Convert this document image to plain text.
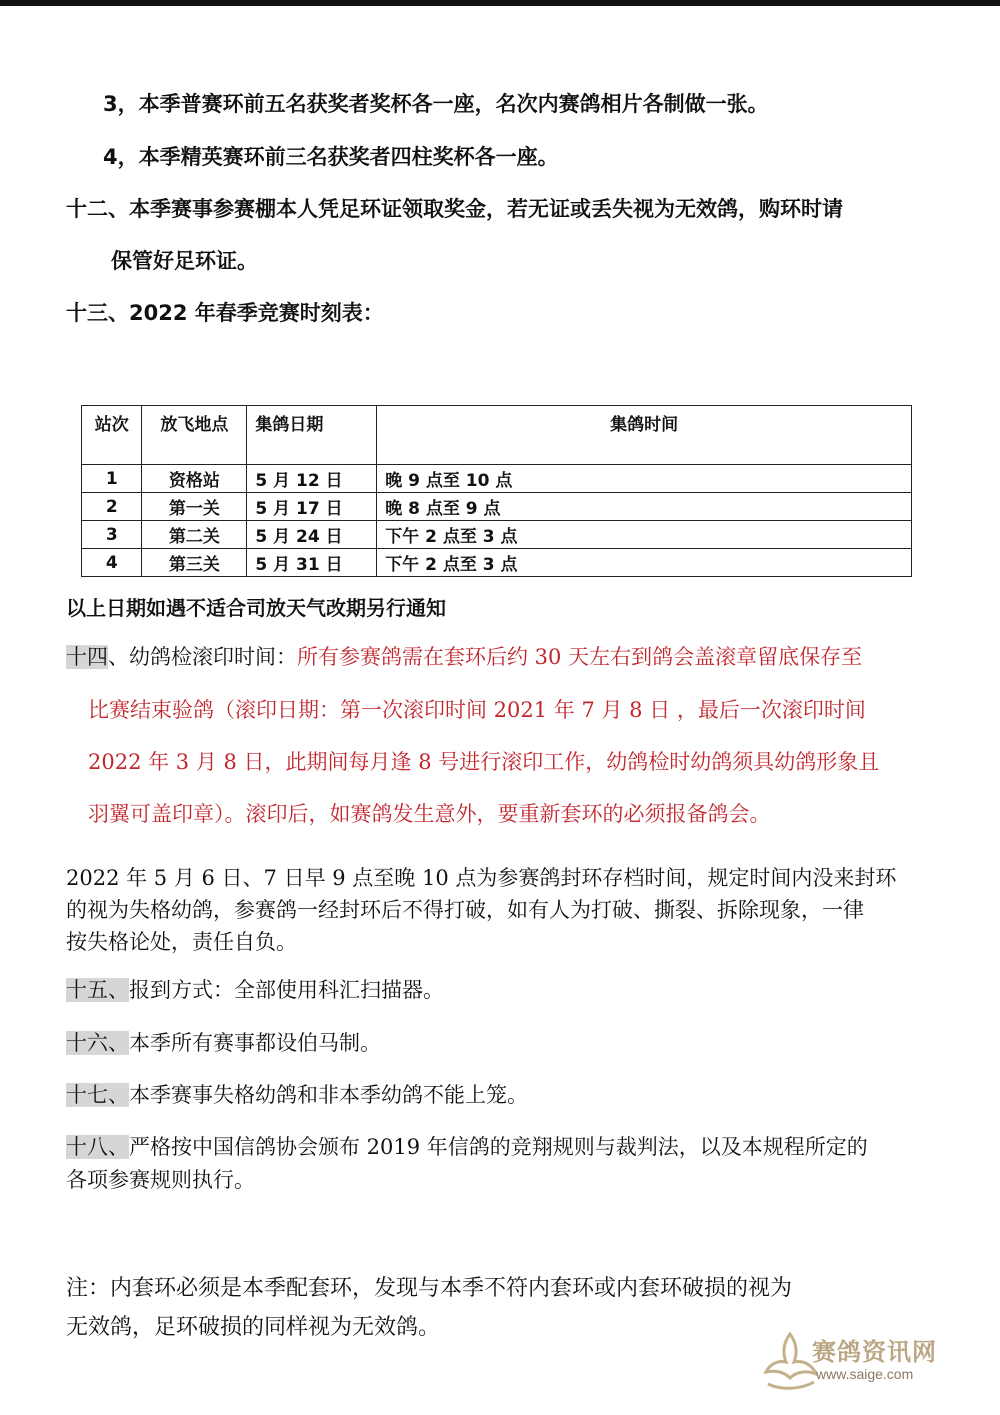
3，本季普赛环前五名获奖者奖杯各一座，名次内赛鸽相片各制做一张。
4，本季精英赛环前三名获奖者四柱奖杯各一座。
十二、本季赛事参赛棚本人凭足环证领取奖金，若无证或丢失视为无效鸽，购环时请
保管好足环证。
十三、2022 年春季竞赛时刻表：
站次	放飞地点	集鸽日期	集鸽时间
1	资格站	5 月 12 日	晚 9 点至 10 点
2	第一关	5 月 17 日	晚 8 点至 9 点
3	第二关	5 月 24 日	下午 2 点至 3 点
4	第三关	5 月 31 日	下午 2 点至 3 点
以上日期如遇不适合司放天气改期另行通知
十四、幼鸽检滚印时间：所有参赛鸽需在套环后约 30 天左右到鸽会盖滚章留底保存至
比赛结束验鸽（滚印日期：第一次滚印时间 2021 年 7 月 8 日 ，最后一次滚印时间
2022 年 3 月 8 日，此期间每月逢 8 号进行滚印工作，幼鸽检时幼鸽须具幼鸽形象且
羽翼可盖印章）。滚印后，如赛鸽发生意外，要重新套环的必须报备鸽会。
2022 年 5 月 6 日、7 日早 9 点至晚 10 点为参赛鸽封环存档时间，规定时间内没来封环
的视为失格幼鸽，参赛鸽一经封环后不得打破，如有人为打破、撕裂、拆除现象，一律
按失格论处，责任自负。
十五、报到方式：全部使用科汇扫描器。
十六、本季所有赛事都设伯马制。
十七、本季赛事失格幼鸽和非本季幼鸽不能上笼。
十八、严格按中国信鸽协会颁布 2019 年信鸽的竞翔规则与裁判法，以及本规程所定的
各项参赛规则执行。
注：内套环必须是本季配套环，发现与本季不符内套环或内套环破损的视为
无效鸽，足环破损的同样视为无效鸽。
赛鸽资讯网
www.saige.com
